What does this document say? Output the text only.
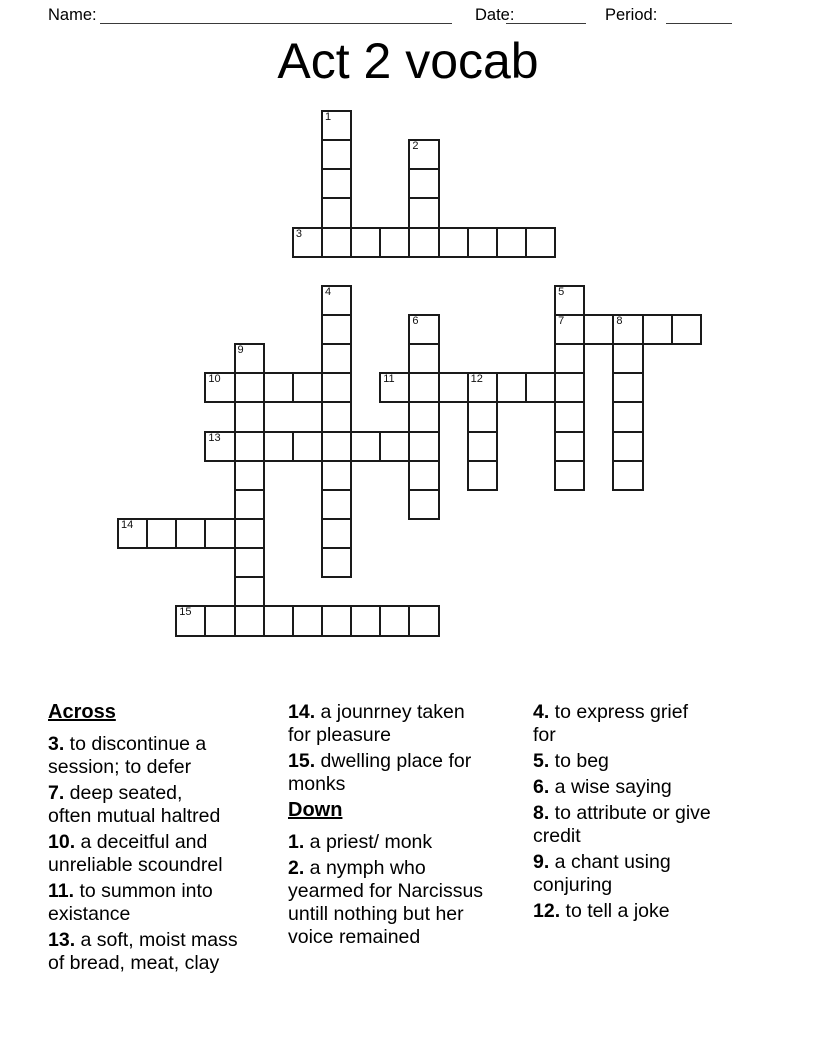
Name:	Date:	Period:
Act 2 vocab
1
2
3
4	5
7
6	8
9
10	11	12
13
14
15

Across

3. to discontinue a
session; to defer

7. deep seated,
often mutual haltred

10. a deceitful and
unreliable scoundrel

11. to summon into
existance

13. a soft, moist mass
of bread, meat, clay

14. a jounrney taken
for pleasure

15. dwelling place for
monks

Down

1. a priest/ monk

2. a nymph who
yearmed for Narcissus
untill nothing but her
voice remained

4. to express grief
for

5. to beg

6. a wise saying

8. to attribute or give
credit

9. a chant using
conjuring

12. to tell a joke
